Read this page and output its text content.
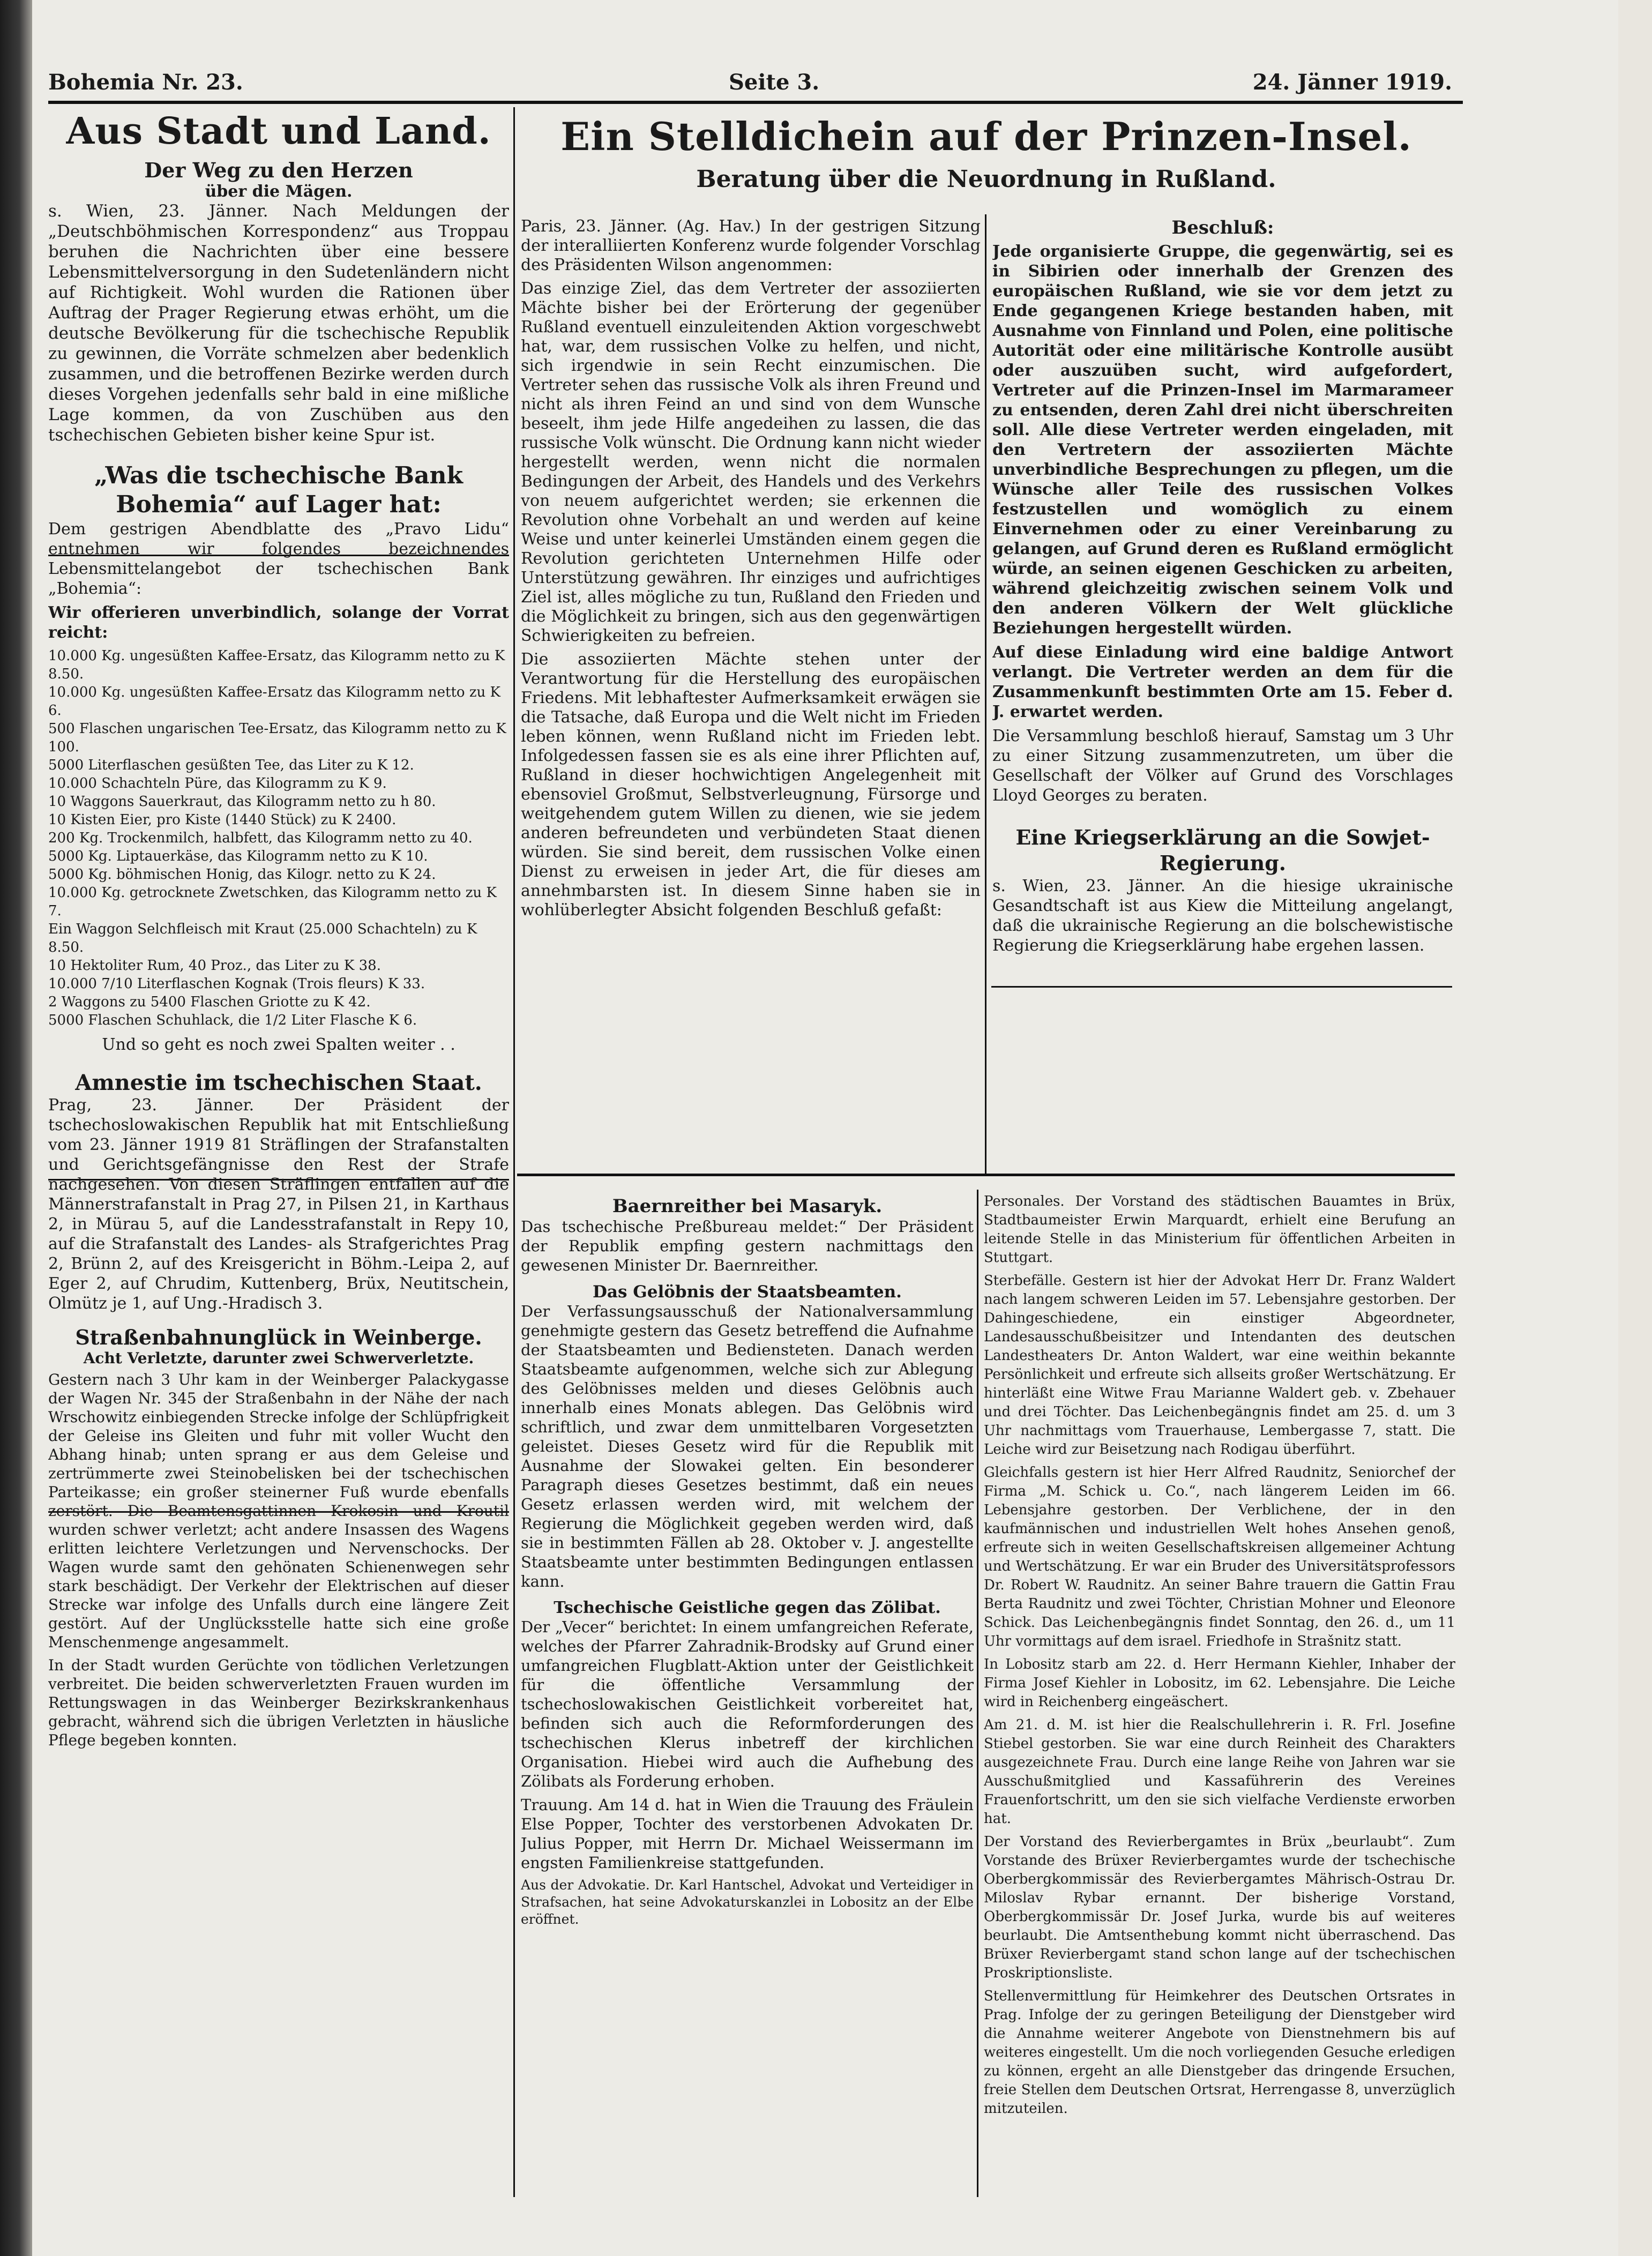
Bohemia Nr. 23.	Seite 3.	24. Jänner 1919.
Aus Stadt und Land.
Der Weg zu den Herzen
über die Mägen.

s. Wien, 23. Jänner. Nach Meldungen der „Deutschböhmischen Korrespondenz“ aus Troppau beruhen die Nachrichten über eine bessere Lebensmittelversorgung in den Sudetenländern nicht auf Richtigkeit. Wohl wurden die Rationen über Auftrag der Prager Regierung etwas erhöht, um die deutsche Bevölkerung für die tschechische Republik zu gewinnen, die Vorräte schmelzen aber bedenklich zusammen, und die betroffenen Bezirke werden durch dieses Vorgehen jedenfalls sehr bald in eine mißliche Lage kommen, da von Zuschüben aus den tschechischen Gebieten bisher keine Spur ist.

„Was die tschechische Bank Bohemia“ auf Lager hat:

Dem gestrigen Abendblatte des „Pravo Lidu“ entnehmen wir folgendes bezeichnendes Lebensmittelangebot der tschechischen Bank „Bohemia“:

Wir offerieren unverbindlich, solange der Vorrat reicht:

10.000 Kg. ungesüßten Kaffee-Ersatz, das Kilogramm netto zu K 8.50.
10.000 Kg. ungesüßten Kaffee-Ersatz das Kilogramm netto zu K 6.
500 Flaschen ungarischen Tee-Ersatz, das Kilogramm netto zu K 100.
5000 Literflaschen gesüßten Tee, das Liter zu K 12.
10.000 Schachteln Püre, das Kilogramm zu K 9.
10 Waggons Sauerkraut, das Kilogramm netto zu h 80.
10 Kisten Eier, pro Kiste (1440 Stück) zu K 2400.
200 Kg. Trockenmilch, halbfett, das Kilogramm netto zu 40.
5000 Kg. Liptauerkäse, das Kilogramm netto zu K 10.
5000 Kg. böhmischen Honig, das Kilogr. netto zu K 24.
10.000 Kg. getrocknete Zwetschken, das Kilogramm netto zu K 7.
Ein Waggon Selchfleisch mit Kraut (25.000 Schachteln) zu K 8.50.
10 Hektoliter Rum, 40 Proz., das Liter zu K 38.
10.000 7/10 Literflaschen Kognak (Trois fleurs) K 33.
2 Waggons zu 5400 Flaschen Griotte zu K 42.
5000 Flaschen Schuhlack, die 1/2 Liter Flasche K 6.

Und so geht es noch zwei Spalten weiter . .

Amnestie im tschechischen Staat.

Prag, 23. Jänner. Der Präsident der tschechoslowakischen Republik hat mit Entschließung vom 23. Jänner 1919 81 Sträflingen der Strafanstalten und Gerichtsgefängnisse den Rest der Strafe nachgesehen. Von diesen Sträflingen entfallen auf die Männerstrafanstalt in Prag 27, in Pilsen 21, in Karthaus 2, in Mürau 5, auf die Landesstrafanstalt in Repy 10, auf die Strafanstalt des Landes- als Strafgerichtes Prag 2, Brünn 2, auf des Kreisgericht in Böhm.-Leipa 2, auf Eger 2, auf Chrudim, Kuttenberg, Brüx, Neutitschein, Olmütz je 1, auf Ung.-Hradisch 3.

Straßenbahnunglück in Weinberge.
Acht Verletzte, darunter zwei Schwerverletzte.

Gestern nach 3 Uhr kam in der Weinberger Palackygasse der Wagen Nr. 345 der Straßenbahn in der Nähe der nach Wrschowitz einbiegenden Strecke infolge der Schlüpfrigkeit der Geleise ins Gleiten und fuhr mit voller Wucht den Abhang hinab; unten sprang er aus dem Geleise und zertrümmerte zwei Steinobelisken bei der tschechischen Parteikasse; ein großer steinerner Fuß wurde ebenfalls zerstört. Die Beamtensgattinnen Krokosin und Kroutil wurden schwer verletzt; acht andere Insassen des Wagens erlitten leichtere Verletzungen und Nervenschocks. Der Wagen wurde samt den gehönaten Schienenwegen sehr stark beschädigt. Der Verkehr der Elektrischen auf dieser Strecke war infolge des Unfalls durch eine längere Zeit gestört. Auf der Unglücksstelle hatte sich eine große Menschenmenge angesammelt.

In der Stadt wurden Gerüchte von tödlichen Verletzungen verbreitet. Die beiden schwerverletzten Frauen wurden im Rettungswagen in das Weinberger Bezirkskrankenhaus gebracht, während sich die übrigen Verletzten in häusliche Pflege begeben konnten.

Ein Stelldichein auf der Prinzen-Insel.
Beratung über die Neuordnung in Rußland.

Paris, 23. Jänner. (Ag. Hav.) In der gestrigen Sitzung der interalliierten Konferenz wurde folgender Vorschlag des Präsidenten Wilson angenommen:

Das einzige Ziel, das dem Vertreter der assoziierten Mächte bisher bei der Erörterung der gegenüber Rußland eventuell einzuleitenden Aktion vorgeschwebt hat, war, dem russischen Volke zu helfen, und nicht, sich irgendwie in sein Recht einzumischen. Die Vertreter sehen das russische Volk als ihren Freund und nicht als ihren Feind an und sind von dem Wunsche beseelt, ihm jede Hilfe angedeihen zu lassen, die das russische Volk wünscht. Die Ordnung kann nicht wieder hergestellt werden, wenn nicht die normalen Bedingungen der Arbeit, des Handels und des Verkehrs von neuem aufgerichtet werden; sie erkennen die Revolution ohne Vorbehalt an und werden auf keine Weise und unter keinerlei Umständen einem gegen die Revolution gerichteten Unternehmen Hilfe oder Unterstützung gewähren. Ihr einziges und aufrichtiges Ziel ist, alles mögliche zu tun, Rußland den Frieden und die Möglichkeit zu bringen, sich aus den gegenwärtigen Schwierigkeiten zu befreien.

Die assoziierten Mächte stehen unter der Verantwortung für die Herstellung des europäischen Friedens. Mit lebhaftester Aufmerksamkeit erwägen sie die Tatsache, daß Europa und die Welt nicht im Frieden leben können, wenn Rußland nicht im Frieden lebt. Infolgedessen fassen sie es als eine ihrer Pflichten auf, Rußland in dieser hochwichtigen Angelegenheit mit ebensoviel Großmut, Selbstverleugnung, Fürsorge und weitgehendem gutem Willen zu dienen, wie sie jedem anderen befreundeten und verbündeten Staat dienen würden. Sie sind bereit, dem russischen Volke einen Dienst zu erweisen in jeder Art, die für dieses am annehmbarsten ist. In diesem Sinne haben sie in wohlüberlegter Absicht folgenden Beschluß gefaßt:

Beschluß:

Jede organisierte Gruppe, die gegenwärtig, sei es in Sibirien oder innerhalb der Grenzen des europäischen Rußland, wie sie vor dem jetzt zu Ende gegangenen Kriege bestanden haben, mit Ausnahme von Finnland und Polen, eine politische Autorität oder eine militärische Kontrolle ausübt oder auszuüben sucht, wird aufgefordert, Vertreter auf die Prinzen-Insel im Marmarameer zu entsenden, deren Zahl drei nicht überschreiten soll. Alle diese Vertreter werden eingeladen, mit den Vertretern der assoziierten Mächte unverbindliche Besprechungen zu pflegen, um die Wünsche aller Teile des russischen Volkes festzustellen und womöglich zu einem Einvernehmen oder zu einer Vereinbarung zu gelangen, auf Grund deren es Rußland ermöglicht würde, an seinen eigenen Geschicken zu arbeiten, während gleichzeitig zwischen seinem Volk und den anderen Völkern der Welt glückliche Beziehungen hergestellt würden.

Auf diese Einladung wird eine baldige Antwort verlangt. Die Vertreter werden an dem für die Zusammenkunft bestimmten Orte am 15. Feber d. J. erwartet werden.

Die Versammlung beschloß hierauf, Samstag um 3 Uhr zu einer Sitzung zusammenzutreten, um über die Gesellschaft der Völker auf Grund des Vorschlages Lloyd Georges zu beraten.

Eine Kriegserklärung an die Sowjet-Regierung.

s. Wien, 23. Jänner. An die hiesige ukrainische Gesandtschaft ist aus Kiew die Mitteilung angelangt, daß die ukrainische Regierung an die bolschewistische Regierung die Kriegserklärung habe ergehen lassen.

Baernreither bei Masaryk.

Das tschechische Preßbureau meldet:“ Der Präsident der Republik empfing gestern nachmittags den gewesenen Minister Dr. Baernreither.

Das Gelöbnis der Staatsbeamten.

Der Verfassungsausschuß der Nationalversammlung genehmigte gestern das Gesetz betreffend die Aufnahme der Staatsbeamten und Bediensteten. Danach werden Staatsbeamte aufgenommen, welche sich zur Ablegung des Gelöbnisses melden und dieses Gelöbnis auch innerhalb eines Monats ablegen. Das Gelöbnis wird schriftlich, und zwar dem unmittelbaren Vorgesetzten geleistet. Dieses Gesetz wird für die Republik mit Ausnahme der Slowakei gelten. Ein besonderer Paragraph dieses Gesetzes bestimmt, daß ein neues Gesetz erlassen werden wird, mit welchem der Regierung die Möglichkeit gegeben werden wird, daß sie in bestimmten Fällen ab 28. Oktober v. J. angestellte Staatsbeamte unter bestimmten Bedingungen entlassen kann.

Tschechische Geistliche gegen das Zölibat.

Der „Vecer“ berichtet: In einem umfangreichen Referate, welches der Pfarrer Zahradnik-Brodsky auf Grund einer umfangreichen Flugblatt-Aktion unter der Geistlichkeit für die öffentliche Versammlung der tschechoslowakischen Geistlichkeit vorbereitet hat, befinden sich auch die Reformforderungen des tschechischen Klerus inbetreff der kirchlichen Organisation. Hiebei wird auch die Aufhebung des Zölibats als Forderung erhoben.

Trauung. Am 14 d. hat in Wien die Trauung des Fräulein Else Popper, Tochter des verstorbenen Advokaten Dr. Julius Popper, mit Herrn Dr. Michael Weissermann im engsten Familienkreise stattgefunden.

Aus der Advokatie. Dr. Karl Hantschel, Advokat und Verteidiger in Strafsachen, hat seine Advokaturskanzlei in Lobositz an der Elbe eröffnet.

Personales. Der Vorstand des städtischen Bauamtes in Brüx, Stadtbaumeister Erwin Marquardt, erhielt eine Berufung an leitende Stelle in das Ministerium für öffentlichen Arbeiten in Stuttgart.

Sterbefälle. Gestern ist hier der Advokat Herr Dr. Franz Waldert nach langem schweren Leiden im 57. Lebensjahre gestorben. Der Dahingeschiedene, ein einstiger Abgeordneter, Landesausschußbeisitzer und Intendanten des deutschen Landestheaters Dr. Anton Waldert, war eine weithin bekannte Persönlichkeit und erfreute sich allseits großer Wertschätzung. Er hinterläßt eine Witwe Frau Marianne Waldert geb. v. Zbehauer und drei Töchter. Das Leichenbegängnis findet am 25. d. um 3 Uhr nachmittags vom Trauerhause, Lembergasse 7, statt. Die Leiche wird zur Beisetzung nach Rodigau überführt.

Gleichfalls gestern ist hier Herr Alfred Raudnitz, Seniorchef der Firma „M. Schick u. Co.“, nach längerem Leiden im 66. Lebensjahre gestorben. Der Verblichene, der in den kaufmännischen und industriellen Welt hohes Ansehen genoß, erfreute sich in weiten Gesellschaftskreisen allgemeiner Achtung und Wertschätzung. Er war ein Bruder des Universitätsprofessors Dr. Robert W. Raudnitz. An seiner Bahre trauern die Gattin Frau Berta Raudnitz und zwei Töchter, Christian Mohner und Eleonore Schick. Das Leichenbegängnis findet Sonntag, den 26. d., um 11 Uhr vormittags auf dem israel. Friedhofe in Strašnitz statt.

In Lobositz starb am 22. d. Herr Hermann Kiehler, Inhaber der Firma Josef Kiehler in Lobositz, im 62. Lebensjahre. Die Leiche wird in Reichenberg eingeäschert.

Am 21. d. M. ist hier die Realschullehrerin i. R. Frl. Josefine Stiebel gestorben. Sie war eine durch Reinheit des Charakters ausgezeichnete Frau. Durch eine lange Reihe von Jahren war sie Ausschußmitglied und Kassaführerin des Vereines Frauenfortschritt, um den sie sich vielfache Verdienste erworben hat.

Der Vorstand des Revierbergamtes in Brüx „beurlaubt“. Zum Vorstande des Brüxer Revierbergamtes wurde der tschechische Oberbergkommissär des Revierbergamtes Mährisch-Ostrau Dr. Miloslav Rybar ernannt. Der bisherige Vorstand, Oberbergkommissär Dr. Josef Jurka, wurde bis auf weiteres beurlaubt. Die Amtsenthebung kommt nicht überraschend. Das Brüxer Revierbergamt stand schon lange auf der tschechischen Proskriptionsliste.

Stellenvermittlung für Heimkehrer des Deutschen Ortsrates in Prag. Infolge der zu geringen Beteiligung der Dienstgeber wird die Annahme weiterer Angebote von Dienstnehmern bis auf weiteres eingestellt. Um die noch vorliegenden Gesuche erledigen zu können, ergeht an alle Dienstgeber das dringende Ersuchen, freie Stellen dem Deutschen Ortsrat, Herrengasse 8, unverzüglich mitzuteilen.
